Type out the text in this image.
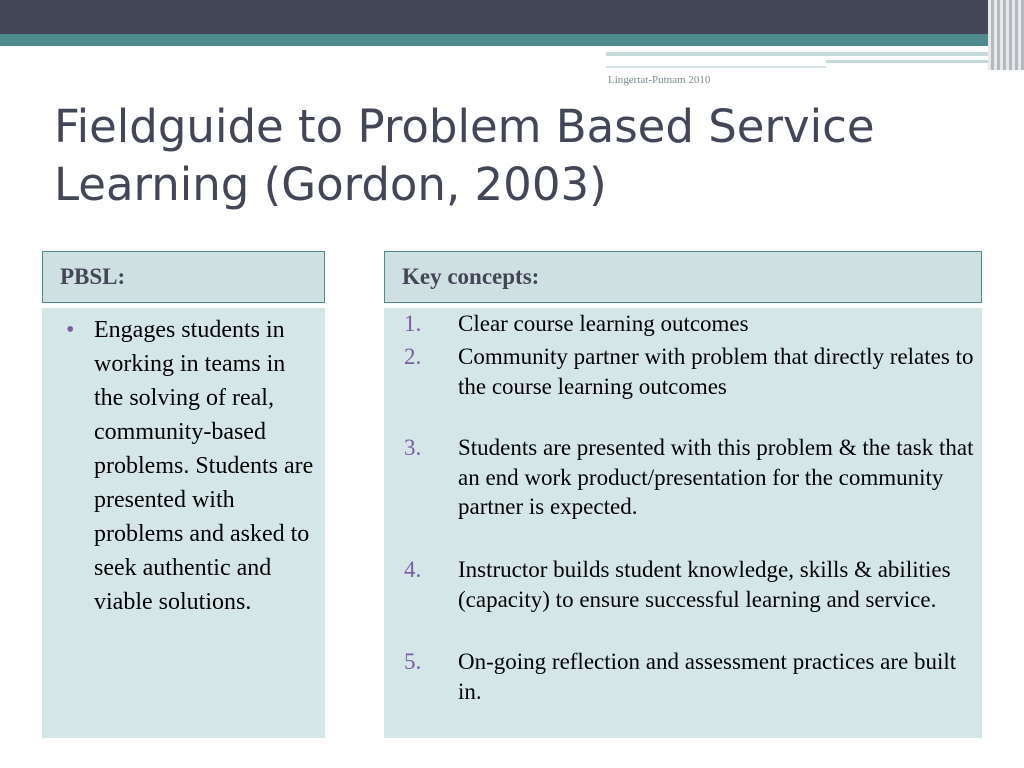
Lingertat-Putnam 2010
Fieldguide to Problem Based Service
Learning (Gordon, 2003)
PBSL:
• Engages students in working in teams in the solving of real, community-based problems. Students are presented with problems and asked to seek authentic and viable solutions.
Key concepts:
1. Clear course learning outcomes
2. Community partner with problem that directly relates to the course learning outcomes
3. Students are presented with this problem & the task that an end work product/presentation for the community partner is expected.
4. Instructor builds student knowledge, skills & abilities (capacity) to ensure successful learning and service.
5. On-going reflection and assessment practices are built in.
